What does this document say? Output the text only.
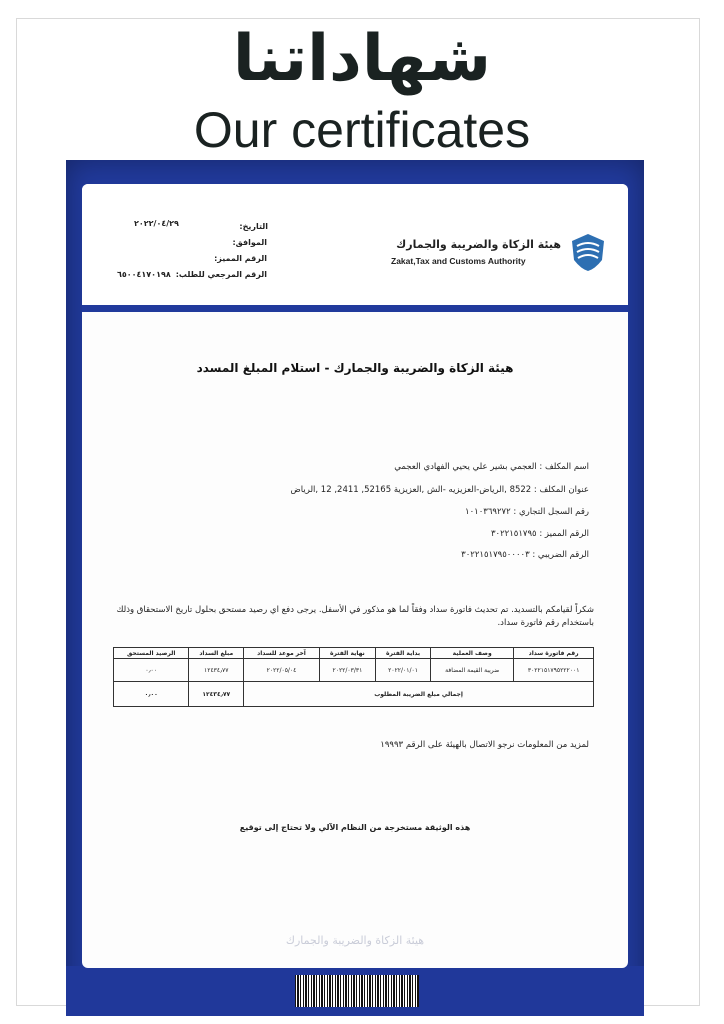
شهاداتنا
Our certificates
هيئة الزكاة والضريبة والجمارك
Zakat,Tax and Customs Authority
التاريخ:
٢٠٢٢/٠٤/٢٩
الموافق:
الرقم المميز:
الرقم المرجعي للطلب:
٦٥٠٠٤١٧٠١٩٨
هيئة الزكاة والضريبة والجمارك - استلام المبلغ المسدد
اسم المكلف : العجمي بشير علي يحيي الفهادي العجمي
عنوان المكلف : 8522 ,الرياض-العزيزيه -الش ,العزيزية 52165, 2411, 12 ,الرياض
رقم السجل التجاري : ١٠١٠٣٦٩٢٧٢
الرقم المميز : ٣٠٢٢١٥١٧٩٥
الرقم الضريبي : ٣٠٢٢١٥١٧٩٥٠٠٠٠٣
شكراً لقيامكم بالتسديد. تم تحديث فاتورة سداد وفقاً لما هو مذكور في الأسفل. يرجى دفع اي رصيد مستحق بحلول تاريخ الاستحقاق وذلك باستخدام رقم فاتورة سداد.
رقم فاتورة سداد	وصف العملية	بداية الفترة	نهاية الفترة	آخر موعد للسداد	مبلغ السداد	الرصيد المستحق
٣٠٢٢١٥١٧٩٥٢٢٢٠٠١	ضريبة القيمة المضافة	٢٠٢٢/٠١/٠١	٢٠٢٢/٠٣/٣١	٢٠٢٢/٠٥/٠٤	١٢٤٣٤٫٧٧	٠٫٠٠
إجمالي مبلغ الضريبة المطلوب					١٢٤٣٤٫٧٧	٠٫٠٠
لمزيد من المعلومات نرجو الاتصال بالهيئة على الرقم ١٩٩٩٣
هذه الوثيقة مستخرجة من النظام الآلي ولا تحتاج إلى توقيع
هيئة الزكاة والضريبة والجمارك
